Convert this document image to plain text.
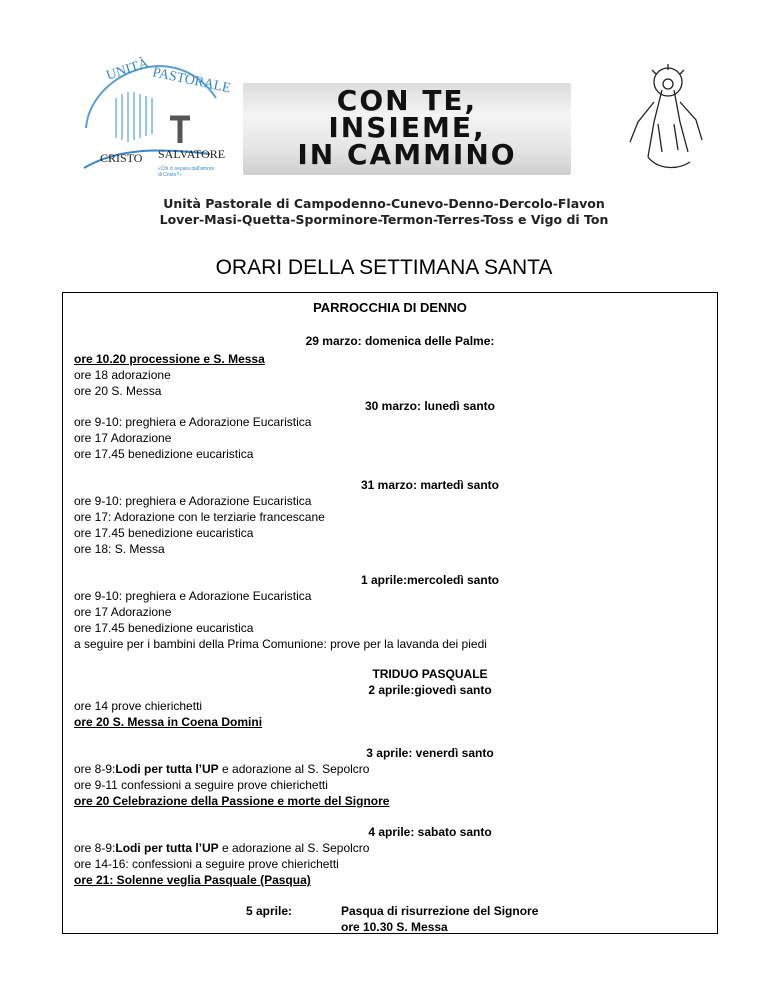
UNITÀ PASTORALE
CRISTO SALVATORE
«Chi ci separa dall'amore
di Cristo?»
CON TE,
INSIEME,
IN CAMMINO
Unità Pastorale di Campodenno-Cunevo-Denno-Dercolo-Flavon
Lover-Masi-Quetta-Sporminore-Termon-Terres-Toss e Vigo di Ton
ORARI DELLA SETTIMANA SANTA
PARROCCHIA DI DENNO
29 marzo: domenica delle Palme:
ore 10.20 processione e S. Messa
ore 18 adorazione
ore 20 S. Messa
30 marzo: lunedì santo
ore 9-10: preghiera e Adorazione Eucaristica
ore 17 Adorazione
ore 17.45 benedizione eucaristica
31 marzo: martedì santo
ore 9-10: preghiera e Adorazione Eucaristica
ore 17: Adorazione con le terziarie francescane
ore 17.45 benedizione eucaristica
ore 18: S. Messa
1 aprile:mercoledì santo
ore 9-10: preghiera e Adorazione Eucaristica
ore 17 Adorazione
ore 17.45 benedizione eucaristica
a seguire per i bambini della Prima Comunione: prove per la lavanda dei piedi
TRIDUO PASQUALE
2 aprile:giovedì santo
ore 14 prove chierichetti
ore 20 S. Messa in Coena Domini
3 aprile: venerdì santo
ore 8-9:Lodi per tutta l’UP e adorazione al S. Sepolcro
ore 9-11 confessioni a seguire prove chierichetti
ore 20 Celebrazione della Passione e morte del Signore
4 aprile: sabato santo
ore 8-9:Lodi per tutta l’UP e adorazione al S. Sepolcro
ore 14-16: confessioni a seguire prove chierichetti
ore 21: Solenne veglia Pasquale (Pasqua)
5 aprile:	Pasqua di risurrezione del Signore
ore 10.30 S. Messa
